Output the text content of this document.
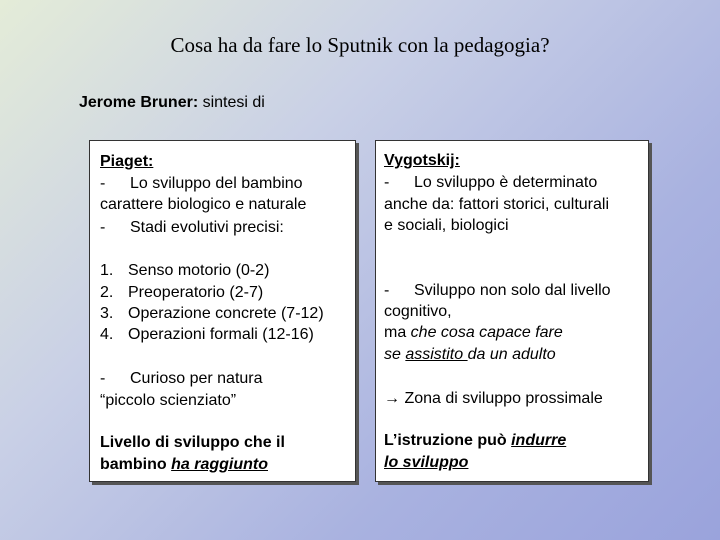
Cosa ha da fare lo Sputnik con la pedagogia?
Jerome Bruner: sintesi di
Piaget:
- Lo sviluppo del bambino
carattere biologico e naturale
- Stadi evolutivi precisi:
1. Senso motorio (0-2)
2. Preoperatorio (2-7)
3. Operazione concrete (7-12)
4. Operazioni formali (12-16)
- Curioso per natura
“piccolo scienziato”
Livello di sviluppo che il
bambino ha raggiunto
Vygotskij:
- Lo sviluppo è determinato
anche da: fattori storici, culturali
e sociali, biologici
- Sviluppo non solo dal livello
cognitivo,
ma che cosa capace fare
se assistito da un adulto
→ Zona di sviluppo prossimale
L’istruzione può indurre
lo sviluppo
